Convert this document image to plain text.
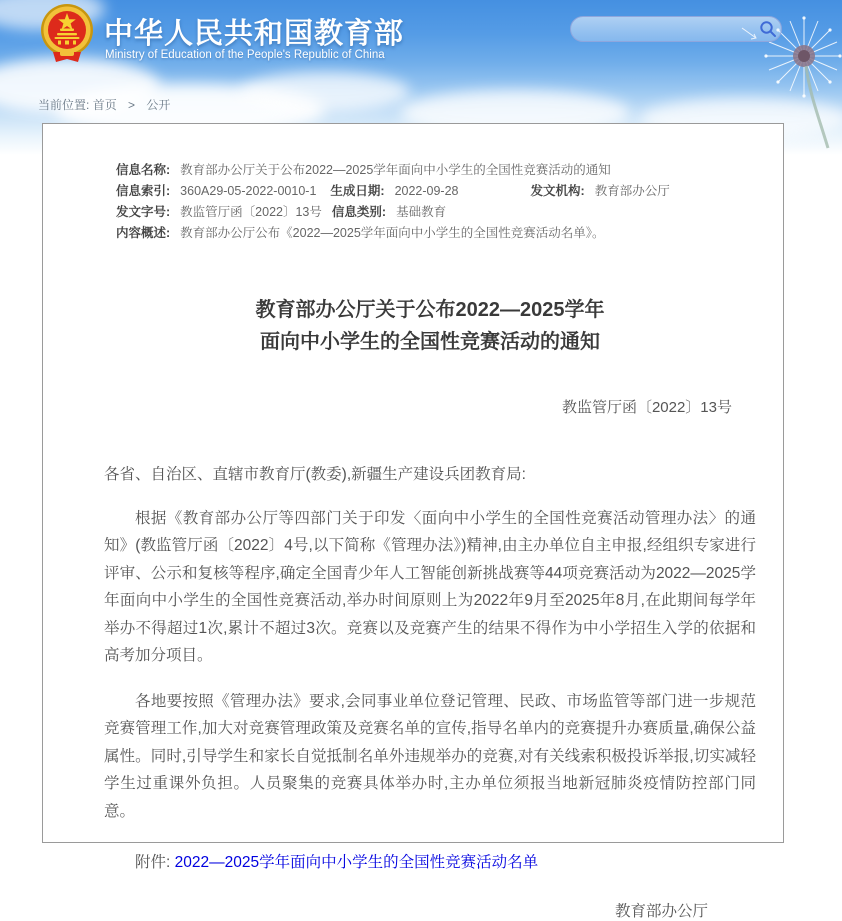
中华人民共和国教育部
Ministry of Education of the People's Republic of China
当前位置: 首页 > 公开
信息名称: 教育部办公厅关于公布2022—2025学年面向中小学生的全国性竞赛活动的通知
信息索引: 360A29-05-2022-0010-1 生成日期: 2022-09-28	发文机构: 教育部办公厅
发文字号: 教监管厅函〔2022〕13号 信息类别: 基础教育
内容概述: 教育部办公厅公布《2022—2025学年面向中小学生的全国性竞赛活动名单》。
教育部办公厅关于公布2022—2025学年
面向中小学生的全国性竞赛活动的通知
教监管厅函〔2022〕13号
各省、自治区、直辖市教育厅(教委),新疆生产建设兵团教育局:

根据《教育部办公厅等四部门关于印发〈面向中小学生的全国性竞赛活动管理办法〉的通知》(教监管厅函〔2022〕4号,以下简称《管理办法》)精神,由主办单位自主申报,经组织专家进行评审、公示和复核等程序,确定全国青少年人工智能创新挑战赛等44项竞赛活动为2022—2025学年面向中小学生的全国性竞赛活动,举办时间原则上为2022年9月至2025年8月,在此期间每学年举办不得超过1次,累计不超过3次。竞赛以及竞赛产生的结果不得作为中小学招生入学的依据和高考加分项目。

各地要按照《管理办法》要求,会同事业单位登记管理、民政、市场监管等部门进一步规范竞赛管理工作,加大对竞赛管理政策及竞赛名单的宣传,指导名单内的竞赛提升办赛质量,确保公益属性。同时,引导学生和家长自觉抵制名单外违规举办的竞赛,对有关线索积极投诉举报,切实减轻学生过重课外负担。人员聚集的竞赛具体举办时,主办单位须报当地新冠肺炎疫情防控部门同意。

附件: 2022—2025学年面向中小学生的全国性竞赛活动名单
教育部办公厅
